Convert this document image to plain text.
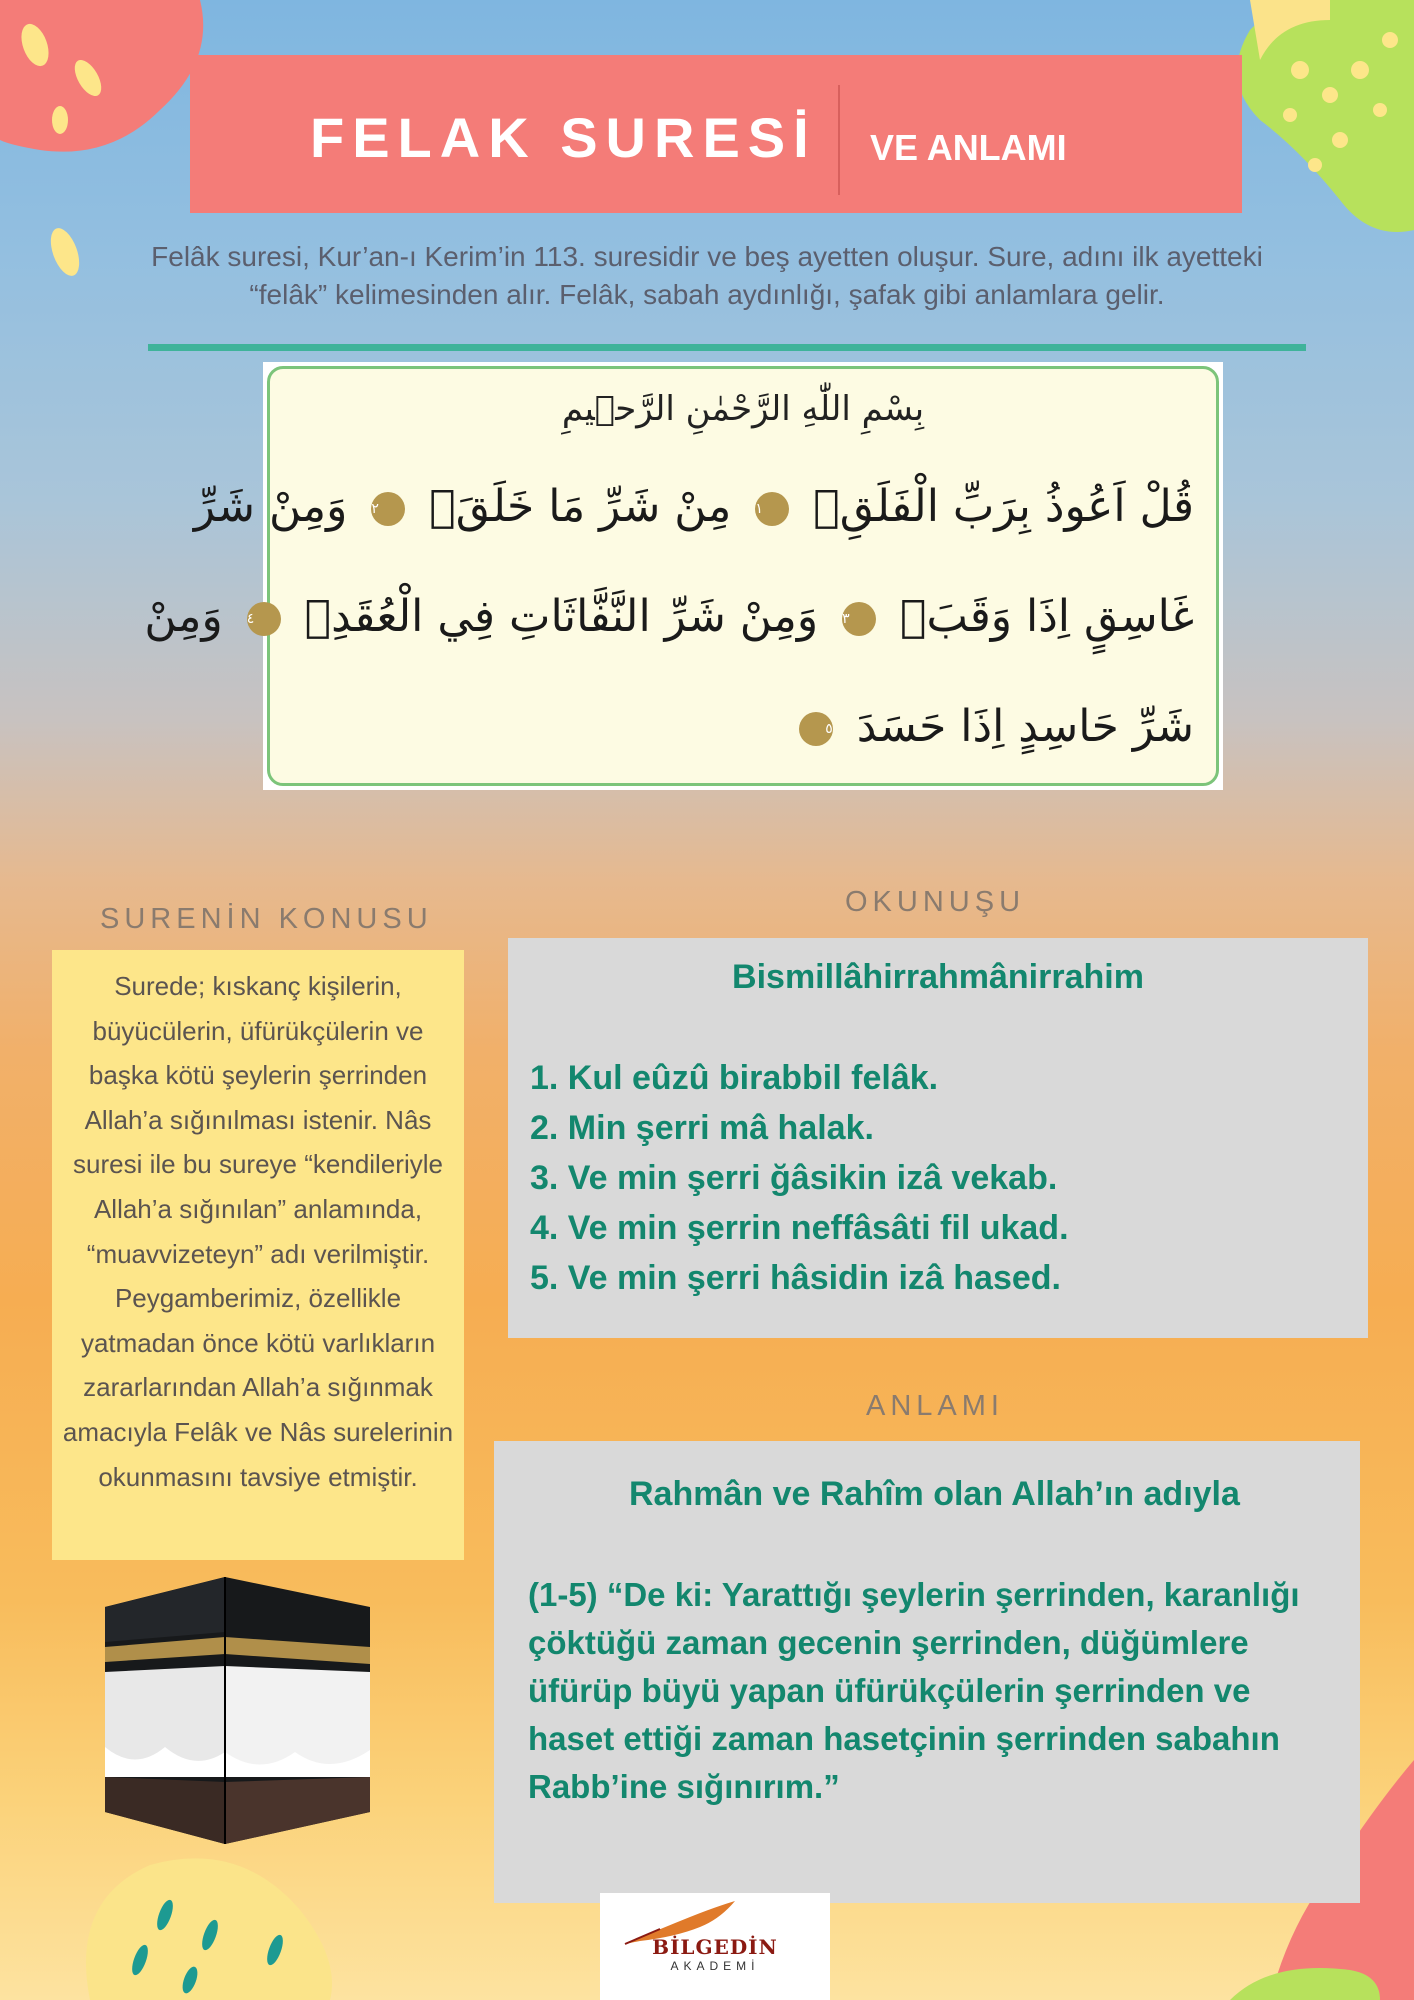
FELAK SURESİ	VE ANLAMI

Felâk suresi, Kur’an-ı Kerim’in 113. suresidir ve beş ayetten oluşur. Sure, adını ilk ayetteki “felâk” kelimesinden alır. Felâk, sabah aydınlığı, şafak gibi anlamlara gelir.

بِسْمِ اللّٰهِ الرَّحْمٰنِ الرَّح۪يمِ
قُلْ اَعُوذُ بِرَبِّ الْفَلَقِۙ ١ مِنْ شَرِّ مَا خَلَقَۙ ٢ وَمِنْ شَرِّ
غَاسِقٍ اِذَا وَقَبَۙ ٣ وَمِنْ شَرِّ النَّفَّاثَاتِ فِي الْعُقَدِۙ ٤ وَمِنْ
شَرِّ حَاسِدٍ اِذَا حَسَدَ ٥
SURENİN KONUSU
OKUNUŞU
ANLAMI

Surede; kıskanç kişilerin, büyücülerin, üfürükçülerin ve başka kötü şeylerin şerrinden Allah’a sığınılması istenir. Nâs suresi ile bu sureye “kendileriyle Allah’a sığınılan” anlamında, “muavvizeteyn” adı verilmiştir. Peygamberimiz, özellikle yatmadan önce kötü varlıkların zararlarından Allah’a sığınmak amacıyla Felâk ve Nâs surelerinin okunmasını tavsiye etmiştir.

Bismillâhirrahmânirrahim
1. Kul eûzû birabbil felâk.
2. Min şerri mâ halak.
3. Ve min şerri ğâsikin izâ vekab.
4. Ve min şerrin neffâsâti fil ukad.
5. Ve min şerri hâsidin izâ hased.
Rahmân ve Rahîm olan Allah’ın adıyla

(1-5) “De ki: Yarattığı şeylerin şerrinden, karanlığı çöktüğü zaman gecenin şerrinden, düğümlere üfürüp büyü yapan üfürükçülerin şerrinden ve haset ettiği zaman hasetçinin şerrinden sabahın Rabb’ine sığınırım.”

BİLGEDİN
AKADEMİ
